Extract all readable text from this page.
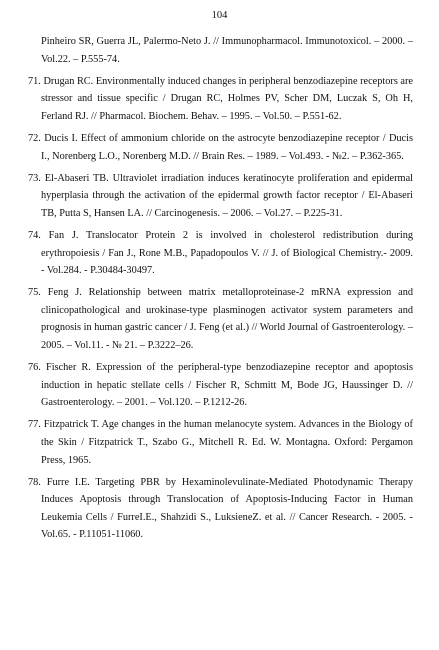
104
Pinheiro SR, Guerra JL, Palermo-Neto J. // Immunopharmacol. Immunotoxicol. – 2000. – Vol.22. – P.555-74.
71. Drugan RC. Environmentally induced changes in peripheral benzodiazepine receptors are stressor and tissue specific / Drugan RC, Holmes PV, Scher DM, Luczak S, Oh H, Ferland RJ. // Pharmacol. Biochem. Behav. – 1995. – Vol.50. – P.551-62.
72. Ducis I. Effect of ammonium chloride on the astrocyte benzodiazepine receptor / Ducis I., Norenberg L.O., Norenberg M.D. // Brain Res. – 1989. – Vol.493. - №2. – P.362-365.
73. El-Abaseri TB. Ultraviolet irradiation induces keratinocyte proliferation and epidermal hyperplasia through the activation of the epidermal growth factor receptor / El-Abaseri TB, Putta S, Hansen LA. // Carcinogenesis. – 2006. – Vol.27. – P.225-31.
74. Fan J. Translocator Protein 2 is involved in cholesterol redistribution during erythropoiesis / Fan J., Rone M.B., Papadopoulos V. // J. of Biological Chemistry.- 2009. - Vol.284. - P.30484-30497.
75. Feng J. Relationship between matrix metalloproteinase-2 mRNA expression and clinicopathological and urokinase-type plasminogen activator system parameters and prognosis in human gastric cancer / J. Feng (et al.) // World Journal of Gastroenterology. – 2005. – Vol.11. - № 21. – P.3222–26.
76. Fischer R. Expression of the peripheral-type benzodiazepine receptor and apoptosis induction in hepatic stellate cells / Fischer R, Schmitt M, Bode JG, Haussinger D. // Gastroenterology. – 2001. – Vol.120. – P.1212-26.
77. Fitzpatrick T. Age changes in the human melanocyte system. Advances in the Biology of the Skin / Fitzpatrick T., Szabo G., Mitchell R. Ed. W. Montagna. Oxford: Pergamon Press, 1965.
78. Furre I.E. Targeting PBR by Hexaminolevulinate-Mediated Photodynamic Therapy Induces Apoptosis through Translocation of Apoptosis-Inducing Factor in Human Leukemia Cells / FurreI.E., Shahzidi S., LuksieneZ. et al. // Cancer Research. - 2005. - Vol.65. - P.11051-11060.
